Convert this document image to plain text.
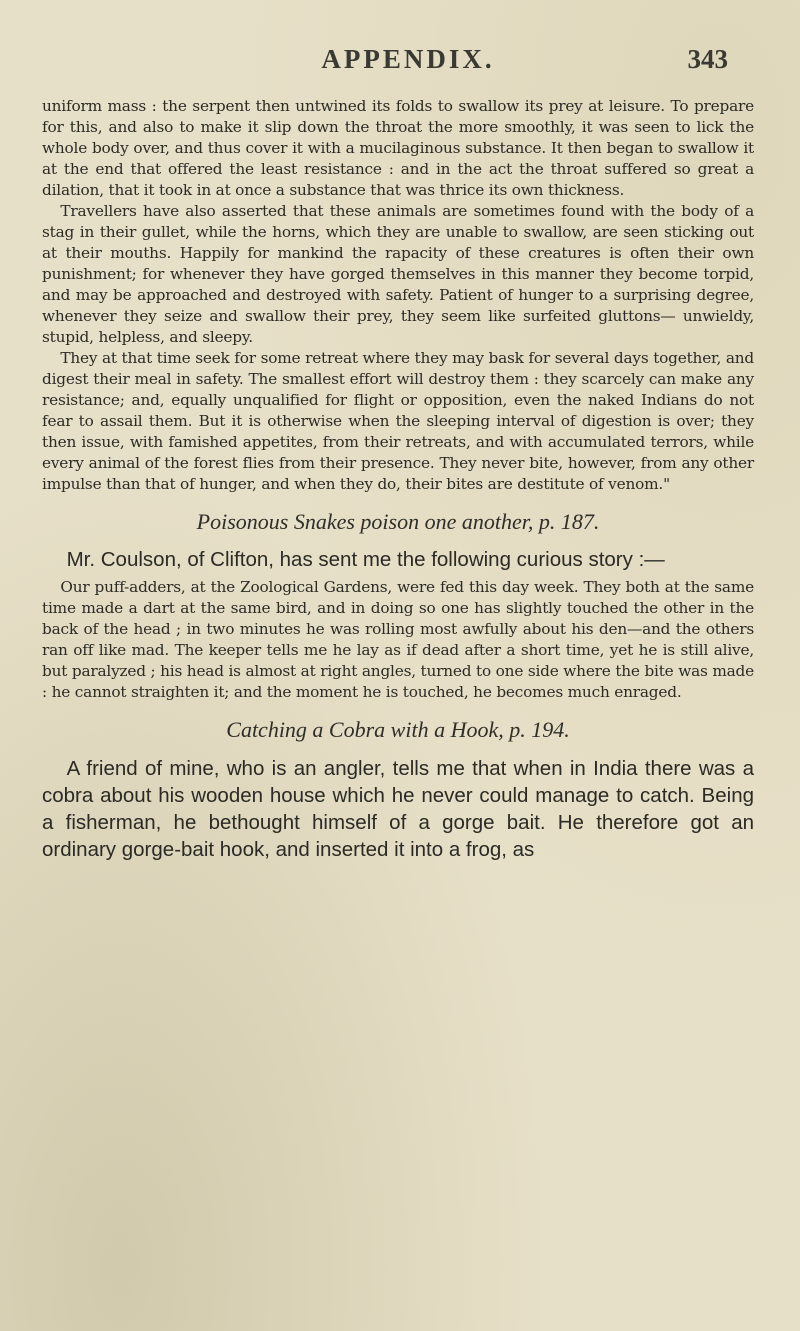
APPENDIX.	343

uniform mass : the serpent then untwined its folds to swallow its prey at leisure. To prepare for this, and also to make it slip down the throat the more smoothly, it was seen to lick the whole body over, and thus cover it with a mucilaginous substance. It then began to swallow it at the end that offered the least resistance : and in the act the throat suffered so great a dilation, that it took in at once a substance that was thrice its own thickness.

Travellers have also asserted that these animals are sometimes found with the body of a stag in their gullet, while the horns, which they are unable to swallow, are seen sticking out at their mouths. Happily for mankind the rapacity of these creatures is often their own punishment; for whenever they have gorged themselves in this manner they become torpid, and may be approached and destroyed with safety. Patient of hunger to a surprising degree, whenever they seize and swallow their prey, they seem like surfeited gluttons— unwieldy, stupid, helpless, and sleepy.

They at that time seek for some retreat where they may bask for several days together, and digest their meal in safety. The smallest effort will destroy them : they scarcely can make any resistance; and, equally unqualified for flight or opposition, even the naked Indians do not fear to assail them. But it is otherwise when the sleeping interval of digestion is over; they then issue, with famished appetites, from their retreats, and with accumulated terrors, while every animal of the forest flies from their presence. They never bite, however, from any other impulse than that of hunger, and when they do, their bites are destitute of venom."

Poisonous Snakes poison one another, p. 187.

Mr. Coulson, of Clifton, has sent me the following curious story :—

Our puff-adders, at the Zoological Gardens, were fed this day week. They both at the same time made a dart at the same bird, and in doing so one has slightly touched the other in the back of the head ; in two minutes he was rolling most awfully about his den—and the others ran off like mad. The keeper tells me he lay as if dead after a short time, yet he is still alive, but paralyzed ; his head is almost at right angles, turned to one side where the bite was made : he cannot straighten it; and the moment he is touched, he becomes much enraged.

Catching a Cobra with a Hook, p. 194.

A friend of mine, who is an angler, tells me that when in India there was a cobra about his wooden house which he never could manage to catch. Being a fisherman, he bethought himself of a gorge bait. He therefore got an ordinary gorge-bait hook, and inserted it into a frog, as
